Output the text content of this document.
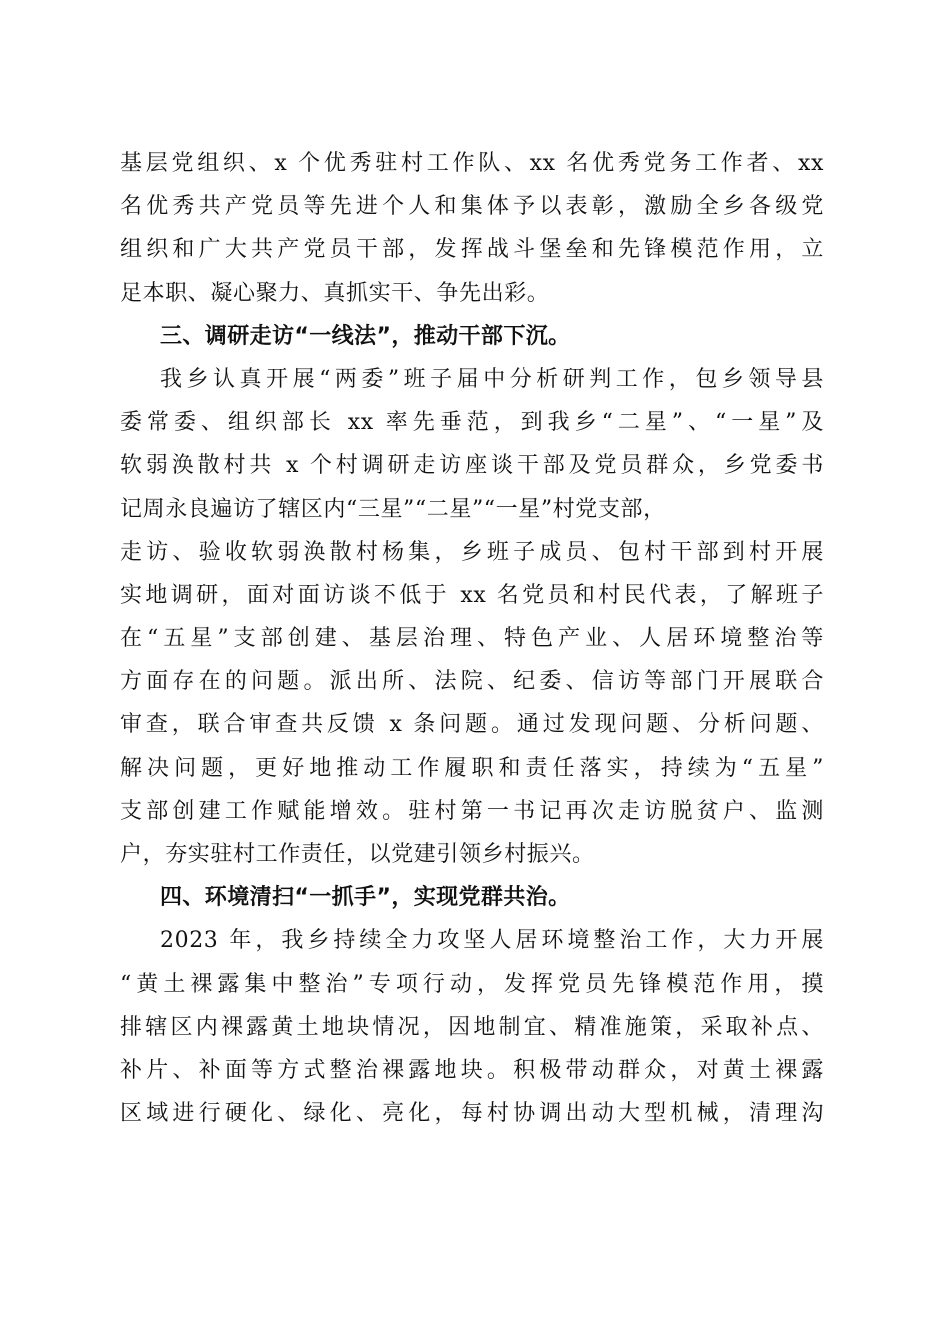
基层党组织、x 个优秀驻村工作队、xx 名优秀党务工作者、xx
名优秀共产党员等先进个人和集体予以表彰，激励全乡各级党
组织和广大共产党员干部，发挥战斗堡垒和先锋模范作用，立
足本职、凝心聚力、真抓实干、争先出彩。
三、调研走访“一线法”，推动干部下沉。
我乡认真开展“两委”班子届中分析研判工作，包乡领导县
委常委、组织部长 xx 率先垂范，到我乡“二星”、“一星”及
软弱涣散村共 x 个村调研走访座谈干部及党员群众，乡党委书
记周永良遍访了辖区内“三星”“二星”“一星”村党支部，
走访、验收软弱涣散村杨集，乡班子成员、包村干部到村开展
实地调研，面对面访谈不低于 xx 名党员和村民代表，了解班子
在“五星”支部创建、基层治理、特色产业、人居环境整治等
方面存在的问题。派出所、法院、纪委、信访等部门开展联合
审查，联合审查共反馈 x 条问题。通过发现问题、分析问题、
解决问题，更好地推动工作履职和责任落实，持续为“五星”
支部创建工作赋能增效。驻村第一书记再次走访脱贫户、监测
户，夯实驻村工作责任，以党建引领乡村振兴。
四、环境清扫“一抓手”，实现党群共治。
2023 年，我乡持续全力攻坚人居环境整治工作，大力开展
“黄土裸露集中整治”专项行动，发挥党员先锋模范作用，摸
排辖区内裸露黄土地块情况，因地制宜、精准施策，采取补点、
补片、补面等方式整治裸露地块。积极带动群众，对黄土裸露
区域进行硬化、绿化、亮化，每村协调出动大型机械，清理沟
